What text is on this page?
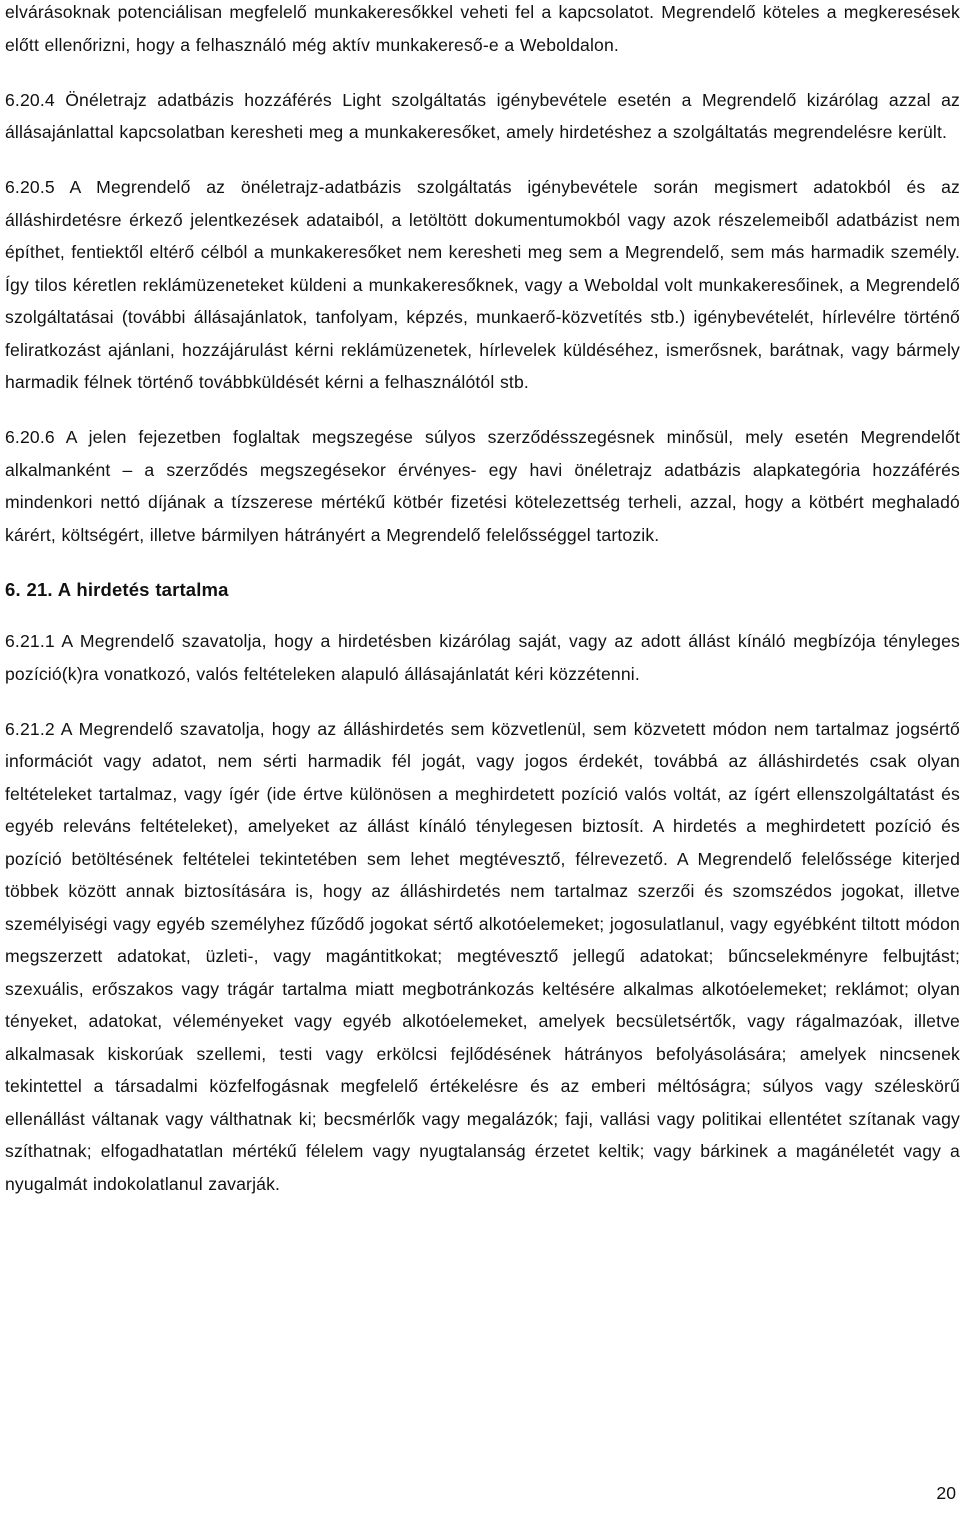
elvárásoknak potenciálisan megfelelő munkakeresőkkel veheti fel a kapcsolatot. Megrendelő köteles a megkeresések előtt ellenőrizni, hogy a felhasználó még aktív munkakereső-e a Weboldalon.

6.20.4 Önéletrajz adatbázis hozzáférés Light szolgáltatás igénybevétele esetén a Megrendelő kizárólag azzal az állásajánlattal kapcsolatban keresheti meg a munkakeresőket, amely hirdetéshez a szolgáltatás megrendelésre került.

6.20.5 A Megrendelő az önéletrajz-adatbázis szolgáltatás igénybevétele során megismert adatokból és az álláshirdetésre érkező jelentkezések adataiból, a letöltött dokumentumokból vagy azok részelemeiből adatbázist nem építhet, fentiektől eltérő célból a munkakeresőket nem keresheti meg sem a Megrendelő, sem más harmadik személy. Így tilos kéretlen reklámüzeneteket küldeni a munkakeresőknek, vagy a Weboldal volt munkakeresőinek, a Megrendelő szolgáltatásai (további állásajánlatok, tanfolyam, képzés, munkaerő-közvetítés stb.) igénybevételét, hírlevélre történő feliratkozást ajánlani, hozzájárulást kérni reklámüzenetek, hírlevelek küldéséhez, ismerősnek, barátnak, vagy bármely harmadik félnek történő továbbküldését kérni a felhasználótól stb.

6.20.6 A jelen fejezetben foglaltak megszegése súlyos szerződésszegésnek minősül, mely esetén Megrendelőt alkalmanként – a szerződés megszegésekor érvényes- egy havi önéletrajz adatbázis alapkategória hozzáférés mindenkori nettó díjának a tízszerese mértékű kötbér fizetési kötelezettség terheli, azzal, hogy a kötbért meghaladó kárért, költségért, illetve bármilyen hátrányért a Megrendelő felelősséggel tartozik.

6. 21. A hirdetés tartalma

6.21.1 A Megrendelő szavatolja, hogy a hirdetésben kizárólag saját, vagy az adott állást kínáló megbízója tényleges pozíció(k)ra vonatkozó, valós feltételeken alapuló állásajánlatát kéri közzétenni.

6.21.2 A Megrendelő szavatolja, hogy az álláshirdetés sem közvetlenül, sem közvetett módon nem tartalmaz jogsértő információt vagy adatot, nem sérti harmadik fél jogát, vagy jogos érdekét, továbbá az álláshirdetés csak olyan feltételeket tartalmaz, vagy ígér (ide értve különösen a meghirdetett pozíció valós voltát, az ígért ellenszolgáltatást és egyéb releváns feltételeket), amelyeket az állást kínáló ténylegesen biztosít. A hirdetés a meghirdetett pozíció és pozíció betöltésének feltételei tekintetében sem lehet megtévesztő, félrevezető. A Megrendelő felelőssége kiterjed többek között annak biztosítására is, hogy az álláshirdetés nem tartalmaz szerzői és szomszédos jogokat, illetve személyiségi vagy egyéb személyhez fűződő jogokat sértő alkotóelemeket; jogosulatlanul, vagy egyébként tiltott módon megszerzett adatokat, üzleti-, vagy magántitkokat; megtévesztő jellegű adatokat; bűncselekményre felbujtást; szexuális, erőszakos vagy trágár tartalma miatt megbotránkozás keltésére alkalmas alkotóelemeket; reklámot; olyan tényeket, adatokat, véleményeket vagy egyéb alkotóelemeket, amelyek becsületsértők, vagy rágalmazóak, illetve alkalmasak kiskorúak szellemi, testi vagy erkölcsi fejlődésének hátrányos befolyásolására; amelyek nincsenek tekintettel a társadalmi közfelfogásnak megfelelő értékelésre és az emberi méltóságra; súlyos vagy széleskörű ellenállást váltanak vagy válthatnak ki; becsmérlők vagy megalázók; faji, vallási vagy politikai ellentétet szítanak vagy szíthatnak; elfogadhatatlan mértékű félelem vagy nyugtalanság érzetet keltik; vagy bárkinek a magánéletét vagy a nyugalmát indokolatlanul zavarják.

20
